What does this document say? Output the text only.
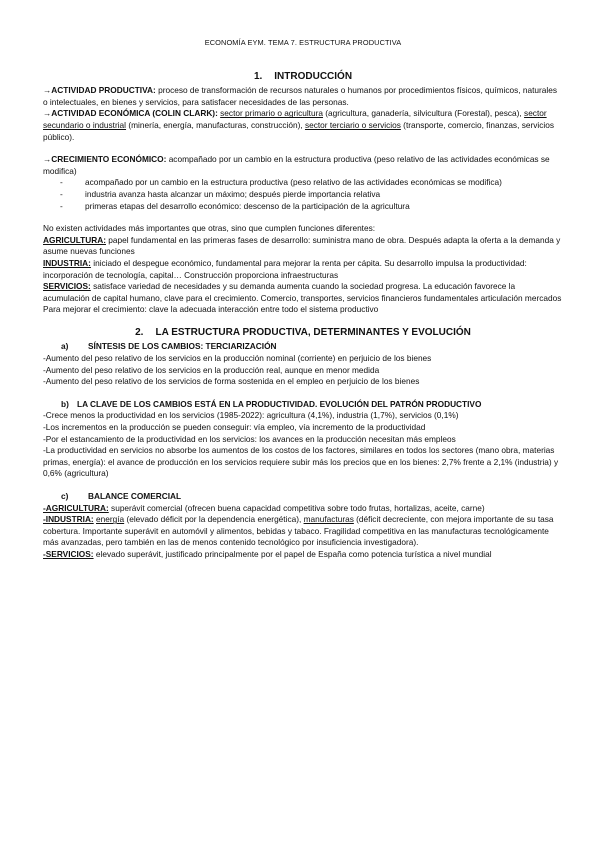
ECONOMÍA EYM. TEMA 7. ESTRUCTURA PRODUCTIVA
1. INTRODUCCIÓN

→ACTIVIDAD PRODUCTIVA: proceso de transformación de recursos naturales o humanos por procedimientos físicos, químicos, naturales o intelectuales, en bienes y servicios, para satisfacer necesidades de las personas.

→ACTIVIDAD ECONÓMICA (COLIN CLARK): sector primario o agricultura (agricultura, ganadería, silvicultura (Forestal), pesca), sector secundario o industrial (minería, energía, manufacturas, construcción), sector terciario o servicios (transporte, comercio, finanzas, servicios público).

→CRECIMIENTO ECONÓMICO: acompañado por un cambio en la estructura productiva (peso relativo de las actividades económicas se modifica)

- acompañado por un cambio en la estructura productiva (peso relativo de las actividades económicas se modifica)
- industria avanza hasta alcanzar un máximo; después pierde importancia relativa
- primeras etapas del desarrollo económico: descenso de la participación de la agricultura

No existen actividades más importantes que otras, sino que cumplen funciones diferentes:

AGRICULTURA: papel fundamental en las primeras fases de desarrollo: suministra mano de obra. Después adapta la oferta a la demanda y asume nuevas funciones

INDUSTRIA: iniciado el despegue económico, fundamental para mejorar la renta per cápita. Su desarrollo impulsa la productividad: incorporación de tecnología, capital… Construcción proporciona infraestructuras

SERVICIOS: satisface variedad de necesidades y su demanda aumenta cuando la sociedad progresa. La educación favorece la acumulación de capital humano, clave para el crecimiento. Comercio, transportes, servicios financieros fundamentales articulación mercados

Para mejorar el crecimiento: clave la adecuada interacción entre todo el sistema productivo

2. LA ESTRUCTURA PRODUCTIVA, DETERMINANTES Y EVOLUCIÓN

a) SÍNTESIS DE LOS CAMBIOS: TERCIARIZACIÓN

-Aumento del peso relativo de los servicios en la producción nominal (corriente) en perjuicio de los bienes

-Aumento del peso relativo de los servicios en la producción real, aunque en menor medida

-Aumento del peso relativo de los servicios de forma sostenida en el empleo en perjuicio de los bienes

b) LA CLAVE DE LOS CAMBIOS ESTÁ EN LA PRODUCTIVIDAD. EVOLUCIÓN DEL PATRÓN PRODUCTIVO

-Crece menos la productividad en los servicios (1985-2022): agricultura (4,1%), industria (1,7%), servicios (0,1%)

-Los incrementos en la producción se pueden conseguir: vía empleo, vía incremento de la productividad

-Por el estancamiento de la productividad en los servicios: los avances en la producción necesitan más empleos

-La productividad en servicios no absorbe los aumentos de los costos de los factores, similares en todos los sectores (mano obra, materias primas, energía): el avance de producción en los servicios requiere subir más los precios que en los bienes: 2,7% frente a 2,1% (industria) y 0,6% (agricultura)

c) BALANCE COMERCIAL

-AGRICULTURA: superávit comercial (ofrecen buena capacidad competitiva sobre todo frutas, hortalizas, aceite, carne)

-INDUSTRIA: energía (elevado déficit por la dependencia energética), manufacturas (déficit decreciente, con mejora importante de su tasa cobertura. Importante superávit en automóvil y alimentos, bebidas y tabaco. Fragilidad competitiva en las manufacturas tecnológicamente más avanzadas, pero también en las de menos contenido tecnológico por insuficiencia investigadora).

-SERVICIOS: elevado superávit, justificado principalmente por el papel de España como potencia turística a nivel mundial
